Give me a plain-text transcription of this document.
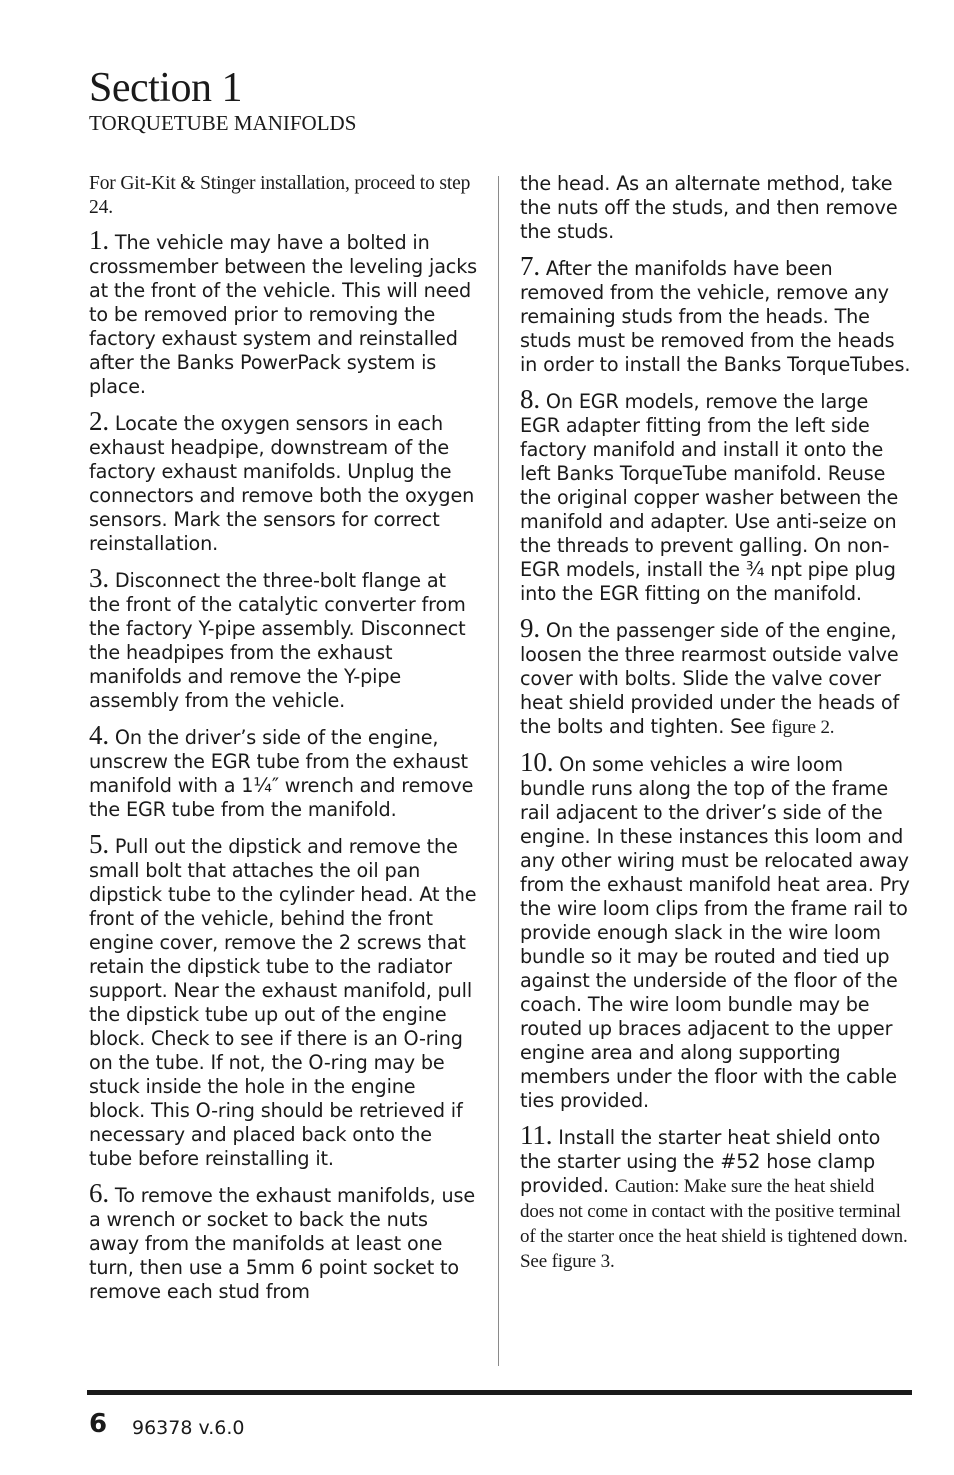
Section 1
TORQUETUBE MANIFOLDS

For Git-Kit & Stinger installation, proceed to step 24.

1. The vehicle may have a bolted in crossmember between the leveling jacks at the front of the vehicle. This will need to be removed prior to removing the factory exhaust system and reinstalled after the Banks PowerPack system is place.

2. Locate the oxygen sensors in each exhaust headpipe, downstream of the factory exhaust manifolds. Unplug the connectors and remove both the oxygen sensors. Mark the sensors for correct reinstallation.

3. Disconnect the three-bolt flange at the front of the catalytic converter from the factory Y-pipe assembly. Disconnect the headpipes from the exhaust manifolds and remove the Y-pipe assembly from the vehicle.

4. On the driver’s side of the engine, unscrew the EGR tube from the exhaust manifold with a 1¼″ wrench and remove the EGR tube from the manifold.

5. Pull out the dipstick and remove the small bolt that attaches the oil pan dipstick tube to the cylinder head. At the front of the vehicle, behind the front engine cover, remove the 2 screws that retain the dipstick tube to the radiator support. Near the exhaust manifold, pull the dipstick tube up out of the engine block. Check to see if there is an O-ring on the tube. If not, the O-ring may be stuck inside the hole in the engine block. This O-ring should be retrieved if necessary and placed back onto the tube before reinstalling it.

6. To remove the exhaust manifolds, use a wrench or socket to back the nuts away from the manifolds at least one turn, then use a 5mm 6 point socket to remove each stud from

the head. As an alternate method, take the nuts off the studs, and then remove the studs.

7. After the manifolds have been removed from the vehicle, remove any remaining studs from the heads. The studs must be removed from the heads in order to install the Banks TorqueTubes.

8. On EGR models, remove the large EGR adapter fitting from the left side factory manifold and install it onto the left Banks TorqueTube manifold. Reuse the original copper washer between the manifold and adapter. Use anti-seize on the threads to prevent galling. On non-EGR models, install the ¾ npt pipe plug into the EGR fitting on the manifold.

9. On the passenger side of the engine, loosen the three rearmost outside valve cover with bolts. Slide the valve cover heat shield provided under the heads of the bolts and tighten. See figure 2.

10. On some vehicles a wire loom bundle runs along the top of the frame rail adjacent to the driver’s side of the engine. In these instances this loom and any other wiring must be relocated away from the exhaust manifold heat area. Pry the wire loom clips from the frame rail to provide enough slack in the wire loom bundle so it may be routed and tied up against the underside of the floor of the coach. The wire loom bundle may be routed up braces adjacent to the upper engine area and along supporting members under the floor with the cable ties provided.

11. Install the starter heat shield onto the starter using the #52 hose clamp provided. Caution: Make sure the heat shield does not come in contact with the positive terminal of the starter once the heat shield is tightened down. See figure 3.

6 96378 v.6.0
